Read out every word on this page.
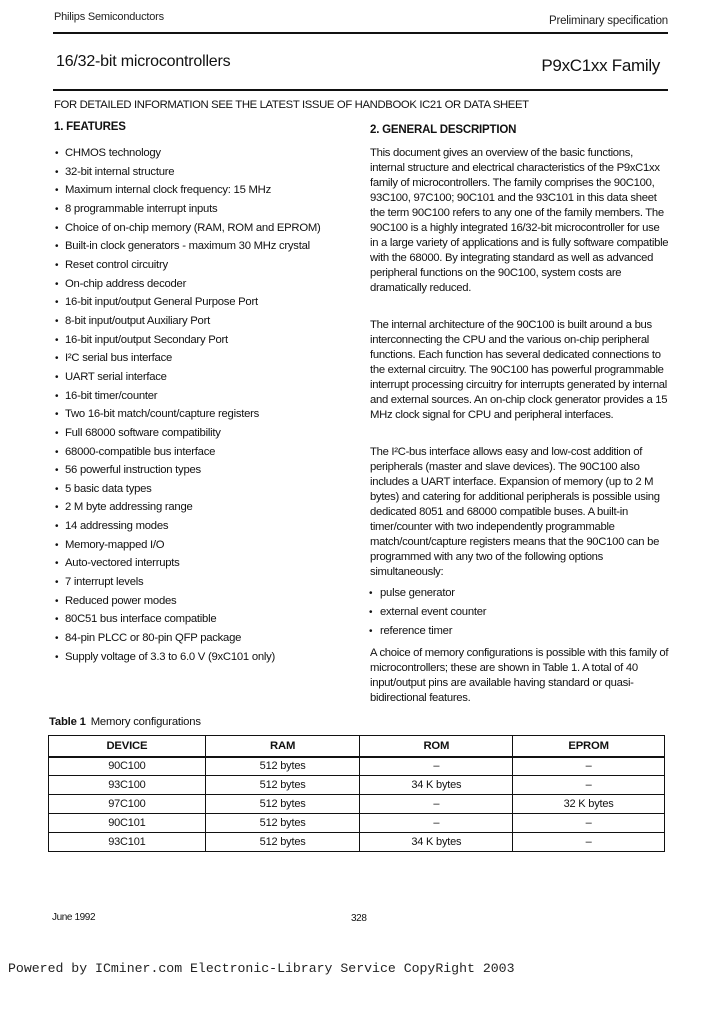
Philips Semiconductors	Preliminary specification
16/32-bit microcontrollers	P9xC1xx Family
FOR DETAILED INFORMATION SEE THE LATEST ISSUE OF HANDBOOK IC21 OR DATA SHEET
1. FEATURES
• CHMOS technology
• 32-bit internal structure
• Maximum internal clock frequency: 15 MHz
• 8 programmable interrupt inputs
• Choice of on-chip memory (RAM, ROM and EPROM)
• Built-in clock generators - maximum 30 MHz crystal
• Reset control circuitry
• On-chip address decoder
• 16-bit input/output General Purpose Port
• 8-bit input/output Auxiliary Port
• 16-bit input/output Secondary Port
• I²C serial bus interface
• UART serial interface
• 16-bit timer/counter
• Two 16-bit match/count/capture registers
• Full 68000 software compatibility
• 68000-compatible bus interface
• 56 powerful instruction types
• 5 basic data types
• 2 M byte addressing range
• 14 addressing modes
• Memory-mapped I/O
• Auto-vectored interrupts
• 7 interrupt levels
• Reduced power modes
• 80C51 bus interface compatible
• 84-pin PLCC or 80-pin QFP package
• Supply voltage of 3.3 to 6.0 V (9xC101 only)
2. GENERAL DESCRIPTION

This document gives an overview of the basic functions, internal structure and electrical characteristics of the P9xC1xx family of microcontrollers. The family comprises the 90C100, 93C100, 97C100; 90C101 and the 93C101 in this data sheet the term 90C100 refers to any one of the family members. The 90C100 is a highly integrated 16/32-bit microcontroller for use in a large variety of applications and is fully software compatible with the 68000. By integrating standard as well as advanced peripheral functions on the 90C100, system costs are dramatically reduced.

The internal architecture of the 90C100 is built around a bus interconnecting the CPU and the various on-chip peripheral functions. Each function has several dedicated connections to the external circuitry. The 90C100 has powerful programmable interrupt processing circuitry for interrupts generated by internal and external sources. An on-chip clock generator provides a 15 MHz clock signal for CPU and peripheral interfaces.

The I²C-bus interface allows easy and low-cost addition of peripherals (master and slave devices). The 90C100 also includes a UART interface. Expansion of memory (up to 2 M bytes) and catering for additional peripherals is possible using dedicated 8051 and 68000 compatible buses. A built-in timer/counter with two independently programmable match/count/capture registers means that the 90C100 can be programmed with any two of the following options simultaneously:

• pulse generator
• external event counter
• reference timer

A choice of memory configurations is possible with this family of microcontrollers; these are shown in Table 1. A total of 40 input/output pins are available having standard or quasi-bidirectional features.

Table 1 Memory configurations
DEVICE	RAM	ROM	EPROM
90C100	512 bytes	–	–
93C100	512 bytes	34 K bytes	–
97C100	512 bytes	–	32 K bytes
90C101	512 bytes	–	–
93C101	512 bytes	34 K bytes	–
June 1992	328
Powered by ICminer.com Electronic-Library Service CopyRight 2003
